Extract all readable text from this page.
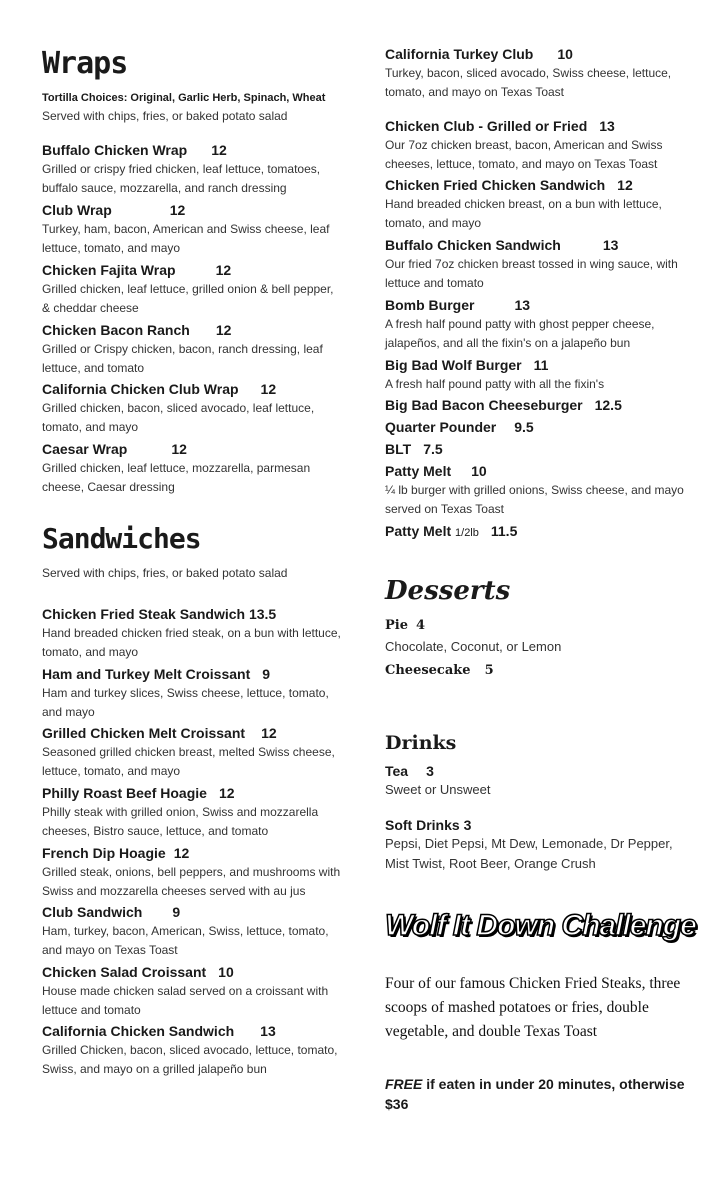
Wraps
Tortilla Choices: Original, Garlic Herb, Spinach, Wheat
Served with chips, fries, or baked potato salad
Buffalo Chicken Wrap 12
Grilled or crispy fried chicken, leaf lettuce, tomatoes, buffalo sauce, mozzarella, and ranch dressing
Club Wrap	12
Turkey, ham, bacon, American and Swiss cheese, leaf lettuce, tomato, and mayo
Chicken Fajita Wrap	12
Grilled chicken, leaf lettuce, grilled onion & bell pepper, & cheddar cheese
Chicken Bacon Ranch 12
Grilled or Crispy chicken, bacon, ranch dressing, leaf lettuce, and tomato
California Chicken Club Wrap 12
Grilled chicken, bacon, sliced avocado, leaf lettuce, tomato, and mayo
Caesar Wrap	12
Grilled chicken, leaf lettuce, mozzarella, parmesan cheese, Caesar dressing
Sandwiches
Served with chips, fries, or baked potato salad
Chicken Fried Steak Sandwich 13.5
Hand breaded chicken fried steak, on a bun with lettuce, tomato, and mayo
Ham and Turkey Melt Croissant 9
Ham and turkey slices, Swiss cheese, lettuce, tomato, and mayo
Grilled Chicken Melt Croissant 12
Seasoned grilled chicken breast, melted Swiss cheese, lettuce, tomato, and mayo
Philly Roast Beef Hoagie 12
Philly steak with grilled onion, Swiss and mozzarella cheeses, Bistro sauce, lettuce, and tomato
French Dip Hoagie 12
Grilled steak, onions, bell peppers, and mushrooms with Swiss and mozzarella cheeses served with au jus
Club Sandwich 9
Ham, turkey, bacon, American, Swiss, lettuce, tomato, and mayo on Texas Toast
Chicken Salad Croissant 10
House made chicken salad served on a croissant with lettuce and tomato
California Chicken Sandwich 13
Grilled Chicken, bacon, sliced avocado, lettuce, tomato, Swiss, and mayo on a grilled jalapeño bun
California Turkey Club 10
Turkey, bacon, sliced avocado, Swiss cheese, lettuce, tomato, and mayo on Texas Toast
Chicken Club - Grilled or Fried 13
Our 7oz chicken breast, bacon, American and Swiss cheeses, lettuce, tomato, and mayo on Texas Toast
Chicken Fried Chicken Sandwich 12
Hand breaded chicken breast, on a bun with lettuce, tomato, and mayo
Buffalo Chicken Sandwich	13
Our fried 7oz chicken breast tossed in wing sauce, with lettuce and tomato
Bomb Burger	13
A fresh half pound patty with ghost pepper cheese, jalapeños, and all the fixin's on a jalapeño bun
Big Bad Wolf Burger 11
A fresh half pound patty with all the fixin's
Big Bad Bacon Cheeseburger 12.5
Quarter Pounder 9.5
BLT 7.5
Patty Melt 10
¼ lb burger with grilled onions, Swiss cheese, and mayo served on Texas Toast
Patty Melt 1/2lb 11.5
Desserts
Pie 4
Chocolate, Coconut, or Lemon
Cheesecake 5
Drinks
Tea 3
Sweet or Unsweet
Soft Drinks 3
Pepsi, Diet Pepsi, Mt Dew, Lemonade, Dr Pepper, Mist Twist, Root Beer, Orange Crush
Wolf It Down Challenge
Four of our famous Chicken Fried Steaks, three scoops of mashed potatoes or fries, double vegetable, and double Texas Toast
FREE if eaten in under 20 minutes, otherwise $36
